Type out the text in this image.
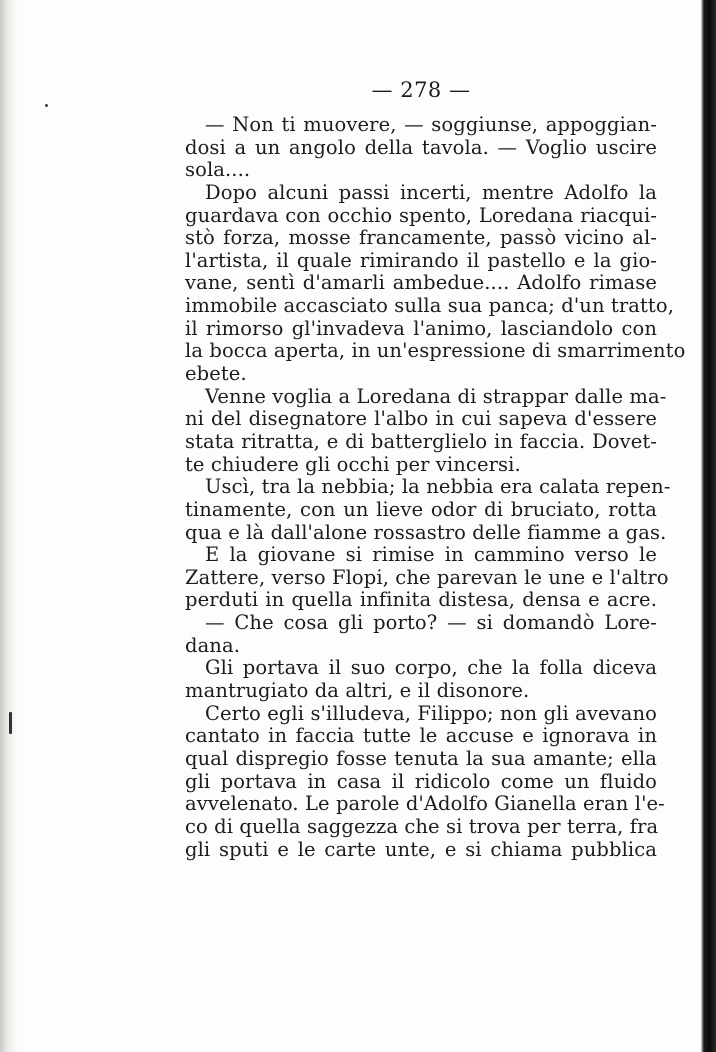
— 278 —
— Non ti muovere, — soggiunse, appoggian-
dosi a un angolo della tavola. — Voglio uscire
sola....
Dopo alcuni passi incerti, mentre Adolfo la
guardava con occhio spento, Loredana riacqui-
stò forza, mosse francamente, passò vicino al-
l'artista, il quale rimirando il pastello e la gio-
vane, sentì d'amarli ambedue.... Adolfo rimase
immobile accasciato sulla sua panca; d'un tratto,
il rimorso gl'invadeva l'animo, lasciandolo con
la bocca aperta, in un'espressione di smarrimento
ebete.
Venne voglia a Loredana di strappar dalle ma-
ni del disegnatore l'albo in cui sapeva d'essere
stata ritratta, e di batterglielo in faccia. Dovet-
te chiudere gli occhi per vincersi.
Uscì, tra la nebbia; la nebbia era calata repen-
tinamente, con un lieve odor di bruciato, rotta
qua e là dall'alone rossastro delle fiamme a gas.
E la giovane si rimise in cammino verso le
Zattere, verso Flopi, che parevan le une e l'altro
perduti in quella infinita distesa, densa e acre.
— Che cosa gli porto? — si domandò Lore-
dana.
Gli portava il suo corpo, che la folla diceva
mantrugiato da altri, e il disonore.
Certo egli s'illudeva, Filippo; non gli avevano
cantato in faccia tutte le accuse e ignorava in
qual dispregio fosse tenuta la sua amante; ella
gli portava in casa il ridicolo come un fluido
avvelenato. Le parole d'Adolfo Gianella eran l'e-
co di quella saggezza che si trova per terra, fra
gli sputi e le carte unte, e si chiama pubblica
